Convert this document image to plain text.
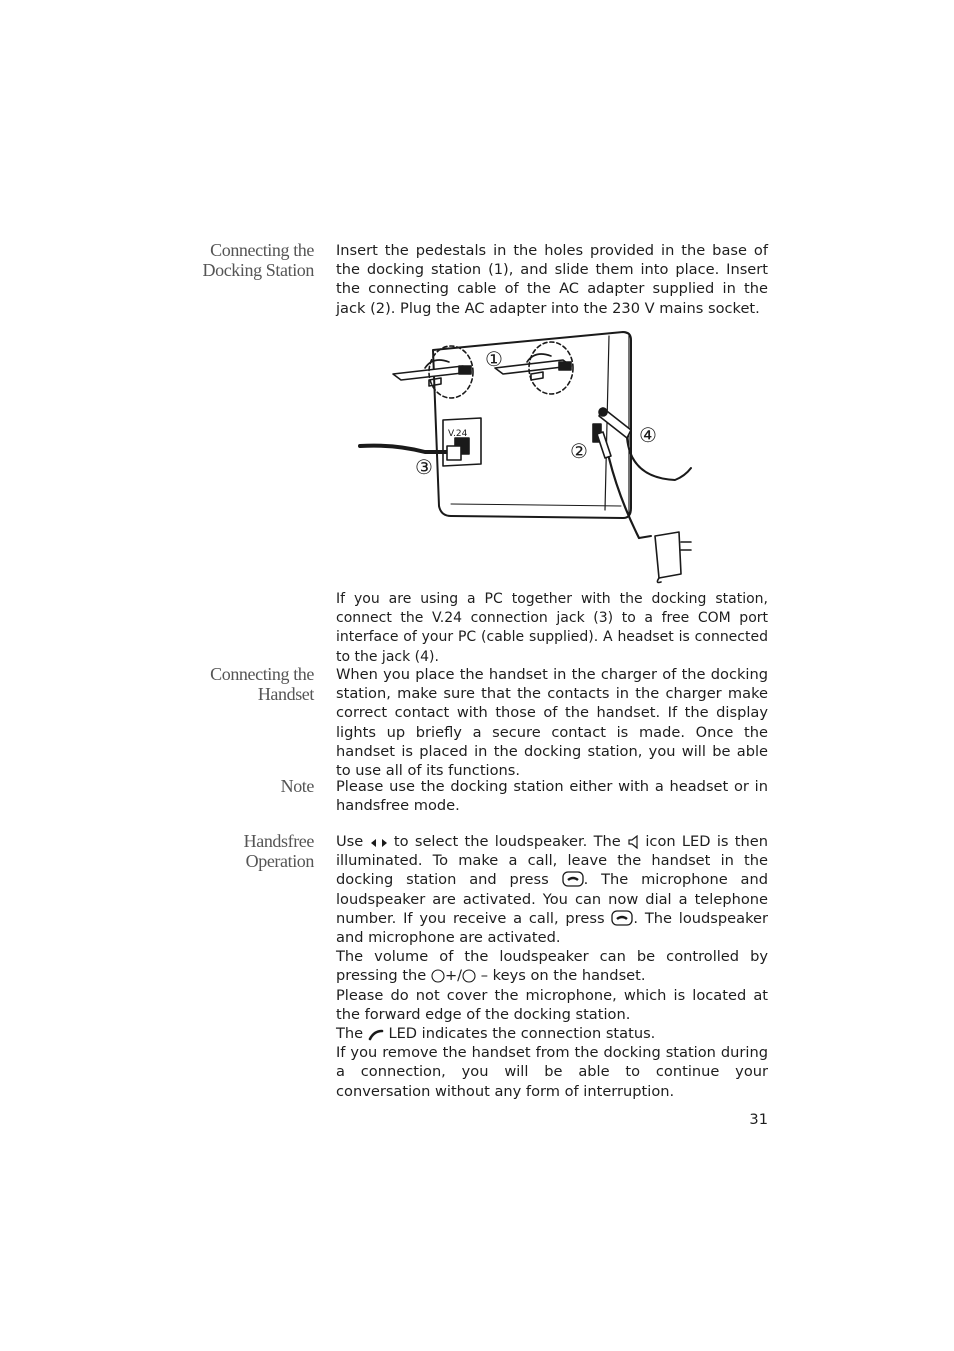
Connecting the
Docking Station

Insert the pedestals in the holes provided in the base of the docking station (1), and slide them into place. Insert the connecting cable of the AC adapter supplied in the jack (2). Plug the AC adapter into the 230 V mains socket.

①
②
③
④
V.24

If you are using a PC together with the docking station, connect the V.24 connection jack (3) to a free COM port interface of your PC (cable supplied). A headset is connected to the jack (4).

Connecting the
Handset

When you place the handset in the charger of the docking station, make sure that the contacts in the charger make correct contact with those of the handset. If the display lights up briefly a secure contact is made. Once the handset is placed in the docking station, you will be able to use all of its functions.

Note Please use the docking station either with a headset or in handsfree mode.

Handsfree
Operation

Use to select the loudspeaker. The icon LED is then illuminated. To make a call, leave the handset in the docking station and press . The microphone and loudspeaker are activated. You can now dial a telephone number. If you receive a call, press . The loudspeaker and microphone are activated.

The volume of the loudspeaker can be controlled by pressing the +/ – keys on the handset.

Please do not cover the microphone, which is located at the forward edge of the docking station.

The LED indicates the connection status.

If you remove the handset from the docking station during a connection, you will be able to continue your conversation without any form of interruption.

31
